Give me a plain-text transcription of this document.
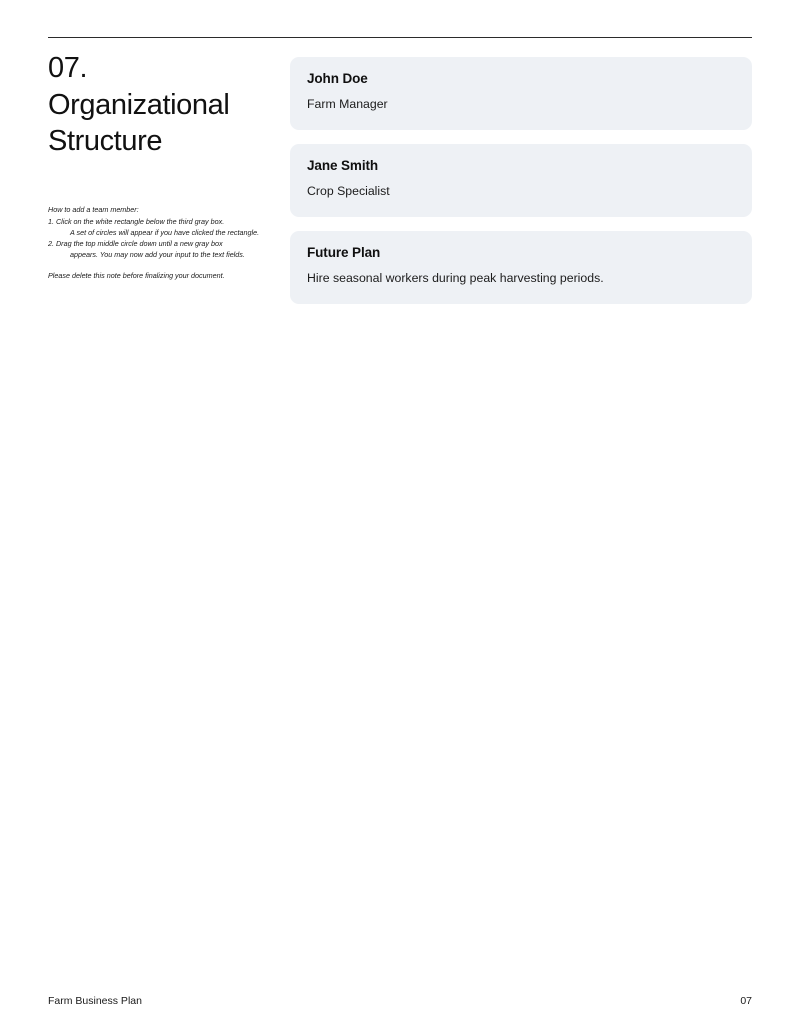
07.
Organizational
Structure
How to add a team member:
1. Click on the white rectangle below the third gray box.
A set of circles will appear if you have clicked the rectangle.
2. Drag the top middle circle down until a new gray box
appears. You may now add your input to the text fields.
Please delete this note before finalizing your document.

John Doe

Farm Manager

Jane Smith

Crop Specialist

Future Plan

Hire seasonal workers during peak harvesting periods.

Farm Business Plan	07
